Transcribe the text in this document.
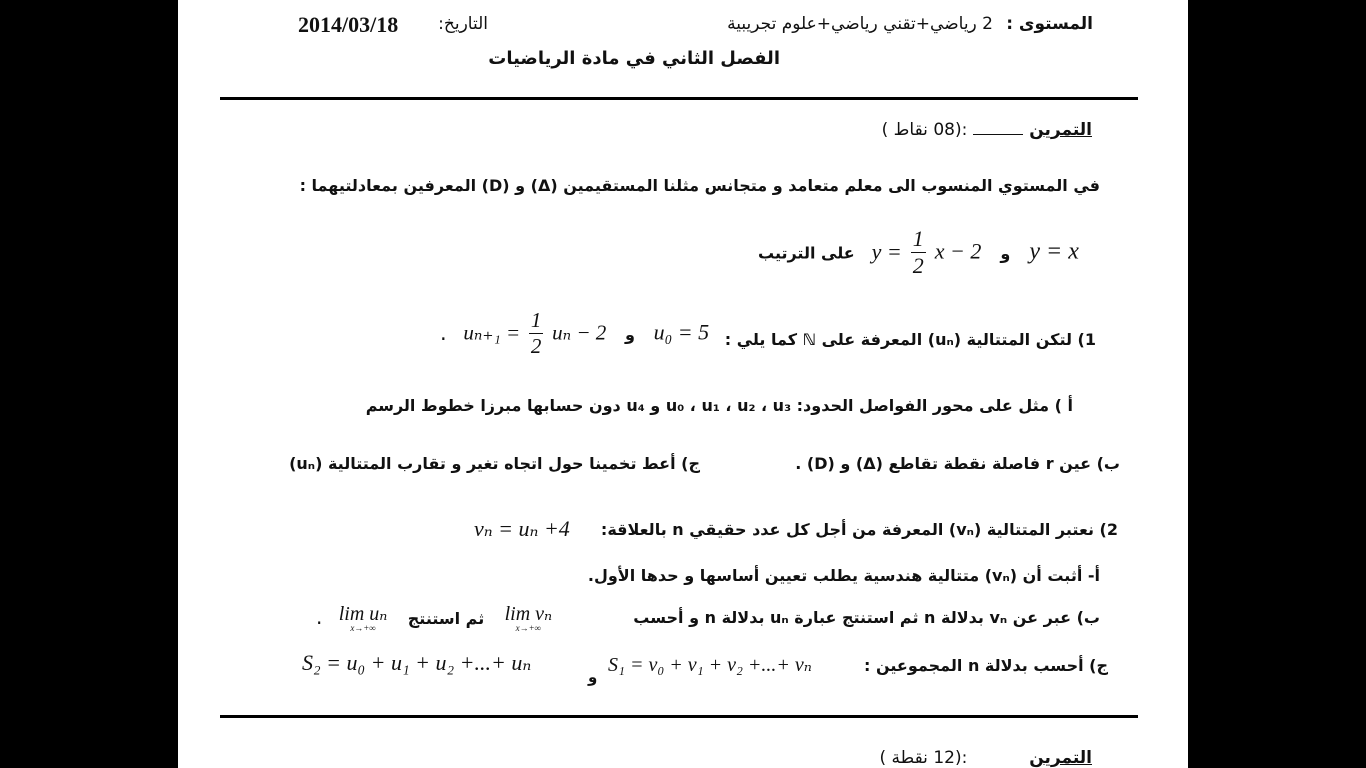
2014/03/18 التاريخ:	المستوى :
2 رياضي+تقني رياضي+علوم تجريبية
الفصل الثاني في مادة الرياضيات
التمرين  :(08 نقاط )
في المستوي المنسوب الى معلم متعامد و متجانس مثلنا المستقيمين (Δ) و (D) المعرفين بمعادلتيهما :
على الترتيب $y = \frac{1}{2}$ x − 2 و y = x
. $u_{n+1} = \frac{1}{2}$ uₙ − 2 و u₀ = 5 1) لتكن المتتالية (uₙ) المعرفة على ℕ كما يلي :
أ ) مثل على محور الفواصل الحدود: u₀ ، u₁ ، u₂ ، u₃ و u₄ دون حسابها مبرزا خطوط الرسم
ب) عين r فاصلة نقطة تقاطع (Δ) و (D) .
ج) أعط تخمينا حول اتجاه تغير و تقارب المتتالية (uₙ)
vₙ = uₙ +4 2) نعتبر المتتالية (vₙ) المعرفة من أجل كل عدد حقيقي n بالعلاقة:
أ- أثبت أن (vₙ) متتالية هندسية يطلب تعيين أساسها و حدها الأول.
. lim uₙ
x→+∞ ثم استنتج lim vₙ
x→+∞
ب) عبر عن vₙ بدلالة n ثم استنتج عبارة uₙ بدلالة n و أحسب
S₂ = u₀ + u₁ + u₂ +...+ uₙ
و
S₁ = v₀ + v₁ + v₂ +...+ vₙ	ج) أحسب بدلالة n المجموعين :
التمرين  :(12 نقطة )
